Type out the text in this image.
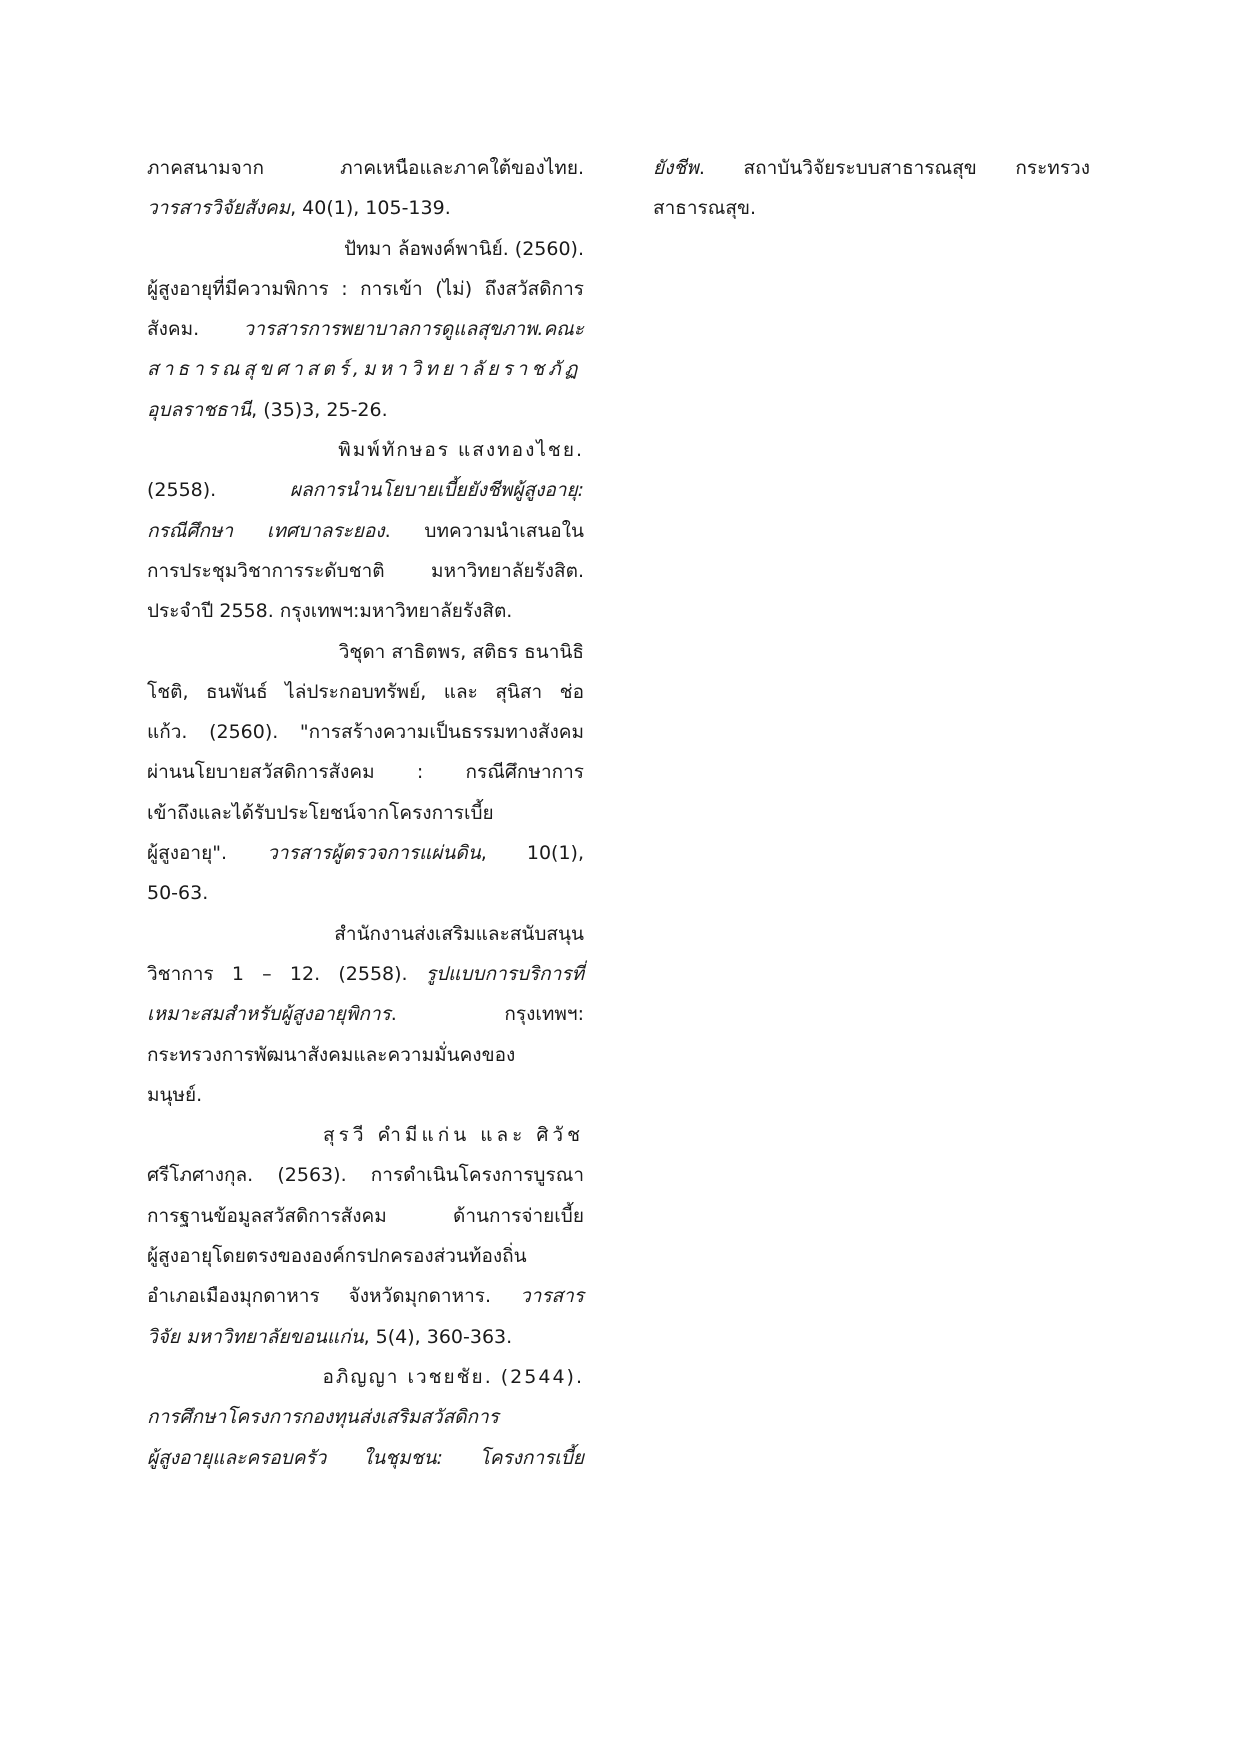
ภาคสนามจาก ภาคเหนือและภาคใต้ของไทย.
วารสารวิจัยสังคม, 40(1), 105-139.
ปัทมา ล้อพงค์พานิย์. (2560).
ผู้สูงอายุที่มีความพิการ : การเข้า (ไม่) ถึงสวัสดิการ
สังคม. วารสารการพยาบาลการดูแลสุขภาพ.คณะ
สาธารณสุขศาสตร์,มหาวิทยาลัยราชภัฏ
อุบลราชธานี, (35)3, 25-26.
พิมพ์ทักษอร แสงทองไชย.
(2558). ผลการนำนโยบายเบี้ยยังชีพผู้สูงอายุ:
กรณีศึกษา เทศบาลระยอง. บทความนำเสนอใน
การประชุมวิชาการระดับชาติ มหาวิทยาลัยรังสิต.
ประจำปี 2558. กรุงเทพฯ:มหาวิทยาลัยรังสิต.
วิชุดา สาธิตพร, สติธร ธนานิธิ
โชติ, ธนพันธ์ ไล่ประกอบทรัพย์, และ สุนิสา ช่อ
แก้ว. (2560). "การสร้างความเป็นธรรมทางสังคม
ผ่านนโยบายสวัสดิการสังคม : กรณีศึกษาการ
เข้าถึงและได้รับประโยชน์จากโครงการเบี้ย
ผู้สูงอายุ". วารสารผู้ตรวจการแผ่นดิน, 10(1),
50-63.
สำนักงานส่งเสริมและสนับสนุน
วิชาการ 1 – 12. (2558). รูปแบบการบริการที่
เหมาะสมสำหรับผู้สูงอายุพิการ. กรุงเทพฯ:
กระทรวงการพัฒนาสังคมและความมั่นคงของ
มนุษย์.
สุรวี คำมีแก่น และ ศิวัช
ศรีโภศางกุล. (2563). การดำเนินโครงการบูรณา
การฐานข้อมูลสวัสดิการสังคม ด้านการจ่ายเบี้ย
ผู้สูงอายุโดยตรงขององค์กรปกครองส่วนท้องถิ่น
อำเภอเมืองมุกดาหาร จังหวัดมุกดาหาร. วารสาร
วิจัย มหาวิทยาลัยขอนแก่น, 5(4), 360-363.
อภิญญา เวชยชัย. (2544).
การศึกษาโครงการกองทุนส่งเสริมสวัสดิการ
ผู้สูงอายุและครอบครัว ในชุมชน: โครงการเบี้ย
ยังชีพ. สถาบันวิจัยระบบสาธารณสุข กระทรวง
สาธารณสุข.
